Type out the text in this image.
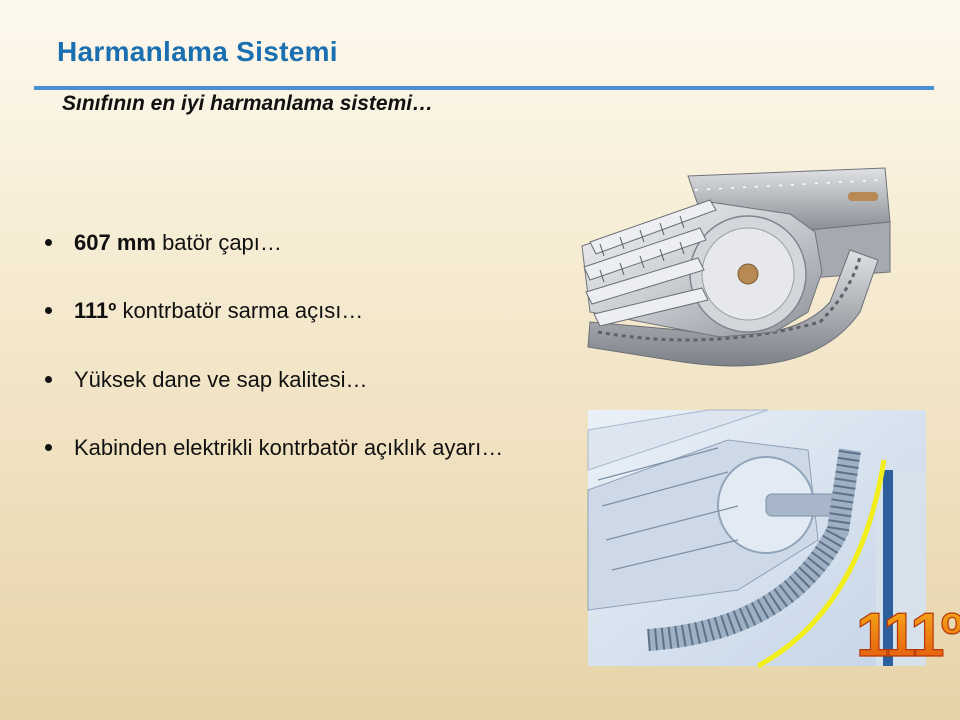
Harmanlama Sistemi
Sınıfının en iyi harmanlama sistemi…
607 mm batör çapı…
111º kontrbatör sarma açısı…
Yüksek dane ve sap kalitesi…
Kabinden elektrikli kontrbatör açıklık ayarı…
111º
